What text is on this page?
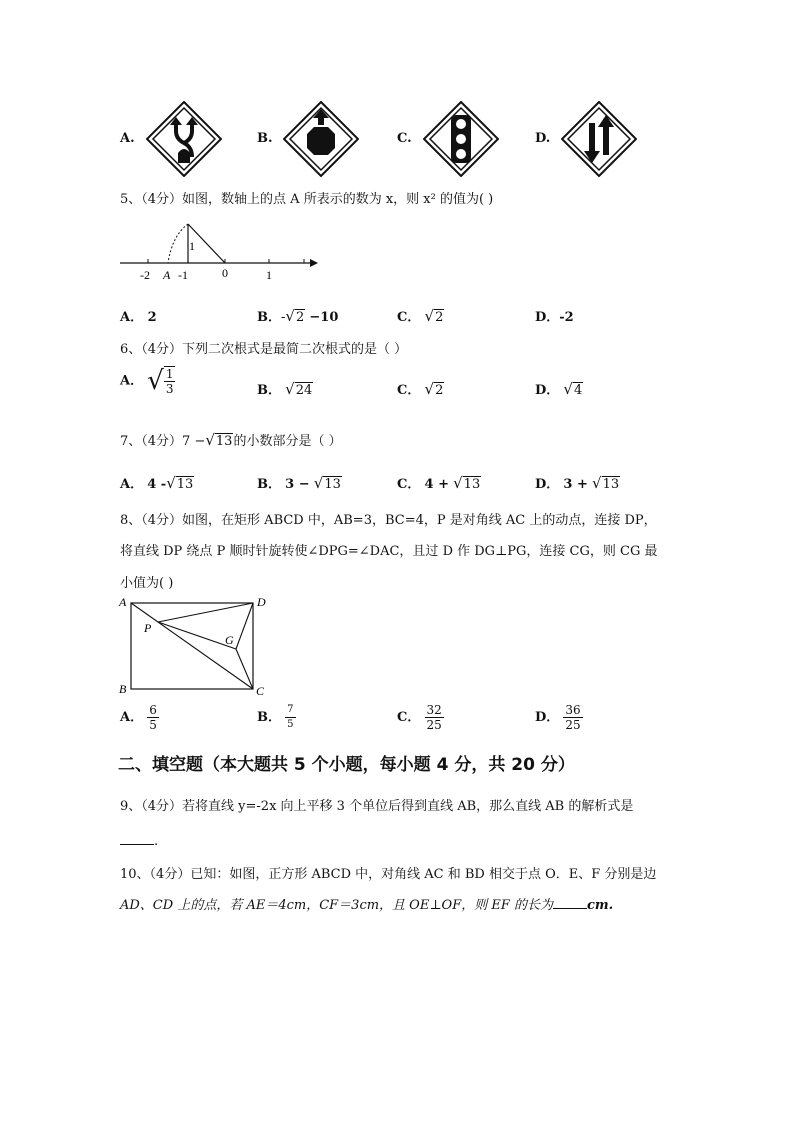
A.	B.	C.	D.
5、（4分）如图，数轴上的点 A 所表示的数为 x，则 x² 的值为( )
1
-2 A -1	0	1
A． 2	B．-√2 −10	C． √2	D．-2
6、（4分）下列二次根式是最简二次根式的是（ ）
A． √ $\frac{1}{3}$	B． √24	C． √2	D． √4
7、（4分）7 −√13的小数部分是（ ）
A． 4 -√13	B． 3 − √13	C． 4 + √13	D． 3 + √13
8、（4分）如图，在矩形 ABCD 中，AB=3，BC=4，P 是对角线 AC 上的动点，连接 DP，
将直线 DP 绕点 P 顺时针旋转使∠DPG=∠DAC，且过 D 作 DG⊥PG，连接 CG，则 CG 最
小值为( )
A	D
B	C
P
G
A． $\frac{6}{5}$	B． $\frac{7}{5}$	C． $\frac{32}{25}$	D． $\frac{36}{25}$
二、填空题（本大题共 5 个小题，每小题 4 分，共 20 分）
9、（4分）若将直线 y=-2x 向上平移 3 个单位后得到直线 AB，那么直线 AB 的解析式是
.
10、（4分）已知：如图，正方形 ABCD 中，对角线 AC 和 BD 相交于点 O．E、F 分别是边
AD、CD 上的点，若 AE＝4cm，CF＝3cm，且 OE⊥OF，则 EF 的长为	cm.
